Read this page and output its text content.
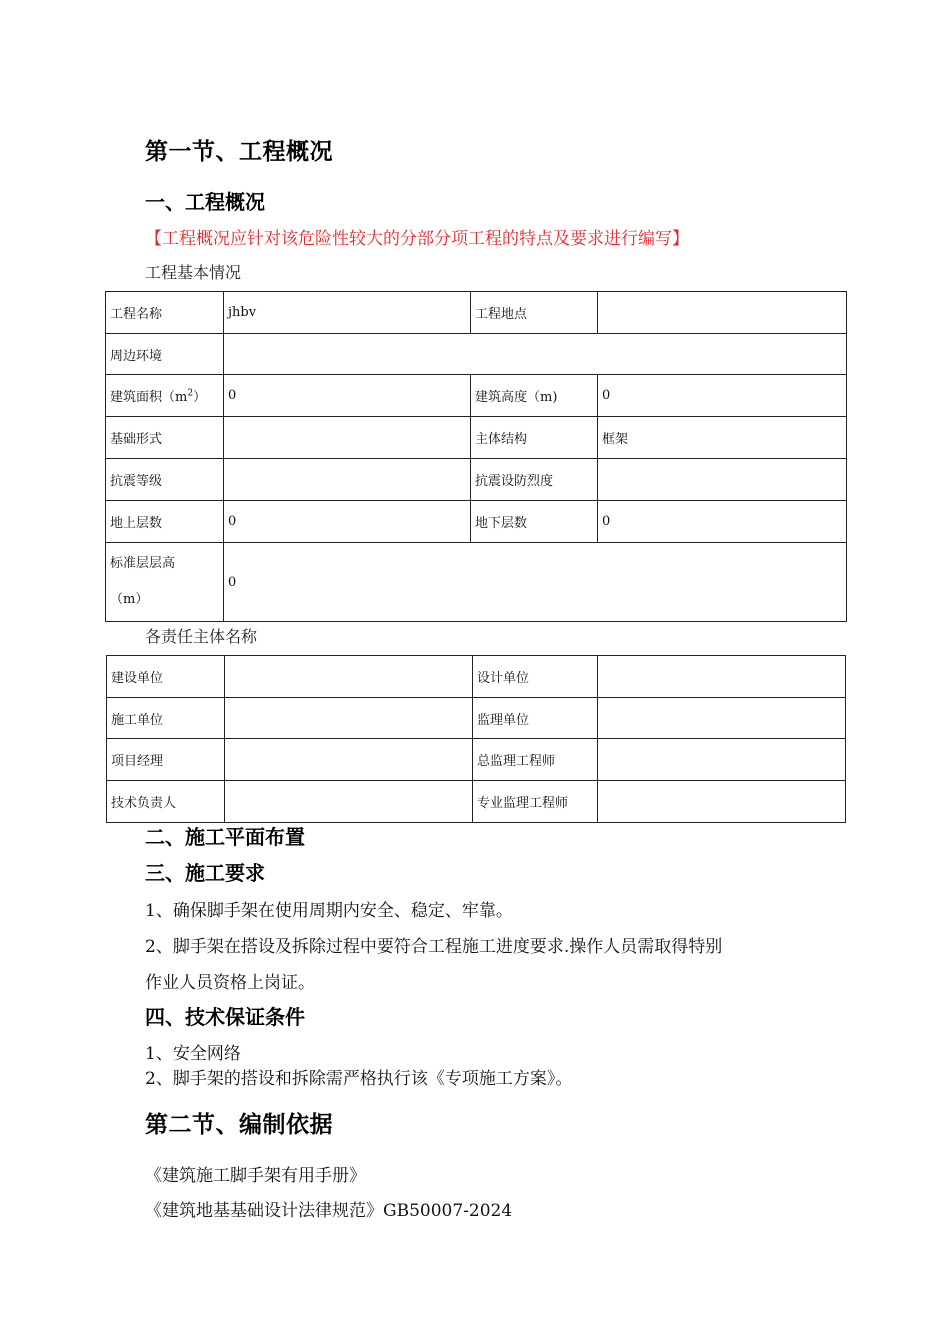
第一节、工程概况
一、工程概况
【工程概况应针对该危险性较大的分部分项工程的特点及要求进行编写】
工程基本情况
工程名称	jhbv	工程地点	
周边环境			
建筑面积$(m^2)$	0	建筑高度（m)	0
基础形式		主体结构	框架
抗震等级		抗震设防烈度	
地上层数	0	地下层数	0

标准层层高
（m）	0		
各责任主体名称
建设单位		设计单位	
施工单位		监理单位	
项目经理		总监理工程师	
技术负责人		专业监理工程师	
二、施工平面布置
三、施工要求
1、确保脚手架在使用周期内安全、稳定、牢靠。
2、脚手架在搭设及拆除过程中要符合工程施工进度要求.操作人员需取得特别
作业人员资格上岗证。
四、技术保证条件
1、安全网络
2、脚手架的搭设和拆除需严格执行该《专项施工方案》。
第二节、编制依据
《建筑施工脚手架有用手册》
《建筑地基基础设计法律规范》GB50007-2024
